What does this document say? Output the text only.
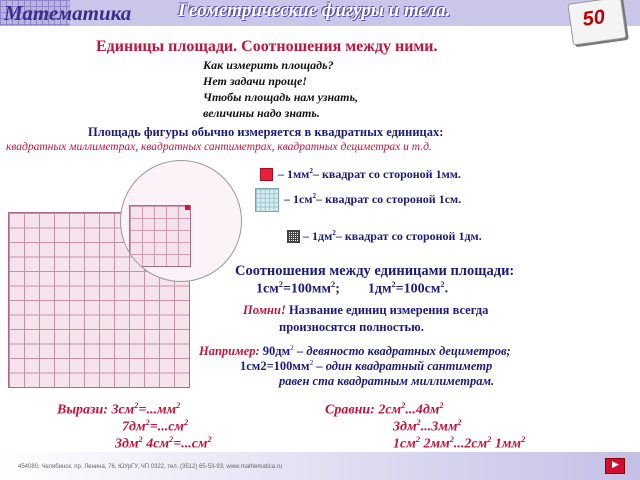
Математика Геометрические фигуры и тела.	50
Единицы площади. Соотношения между ними.
Как измерить площадь?
Нет задачи проще!
Чтобы площадь нам узнать,
величины надо знать.
Площадь фигуры обычно измеряется в квадратных единицах:
квадратных миллиметрах, квадратных сантиметрах, квадратных дециметрах и т.д.
– $1мм^2-$ квадрат со стороной 1мм.
– $1см^2-$ квадрат со стороной 1см.
– $1дм^2-$ квадрат со стороной 1дм.
Соотношения между единицами площади:
$1см^2=100мм^2$; $1дм^2=100см^2$.
Помни! Название единиц измерения всегда
произносятся полностью.
Например: $90дм^2$ – девяносто квадратных дециметров;
$1см2=100мм^2$ – один квадратный сантиметр
равен ста квадратным миллиметрам.
Вырази: $3см^2=...мм^2$
$7дм^2=...см^2$
$3дм^2$ $4см^2=...см^2$
Сравни: $2см^2...4дм^2$
$3дм^2...3мм^2$
$1см^2$ $2мм^2...2см^2$ $1мм^2$
454080, Челябинск, пр. Ленина, 76, ЮУрГУ, ЧП 0322, тел. (3512) 65-53-93, www.mathematica.ru	▶
